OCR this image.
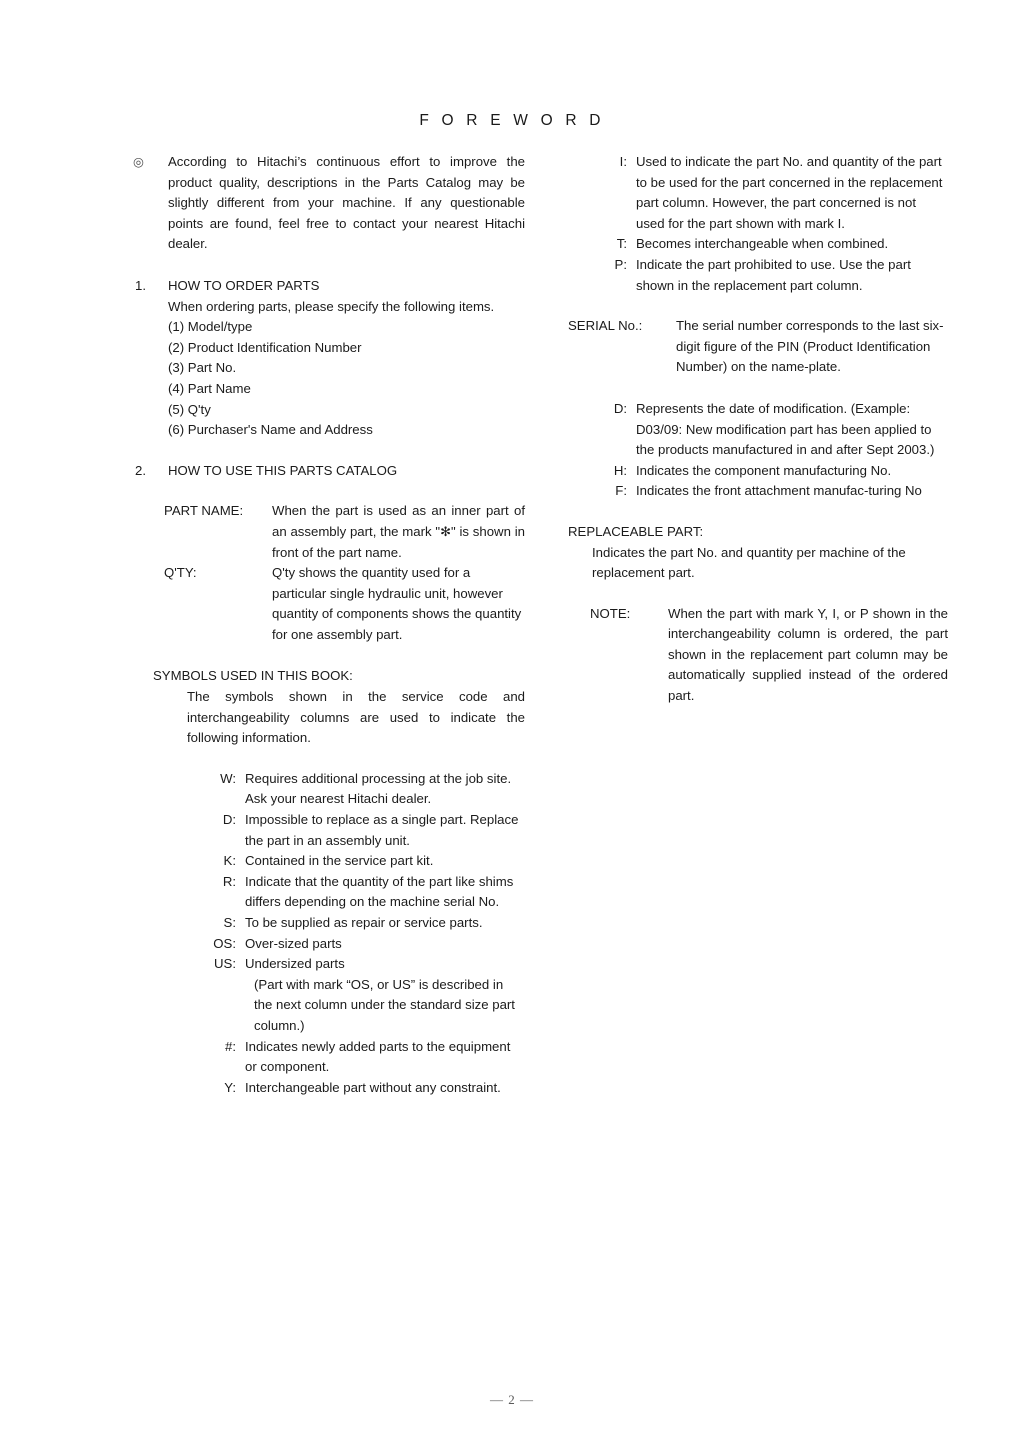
F O R E W O R D
◎ According to Hitachi’s continuous effort to improve the product quality, descriptions in the Parts Catalog may be slightly different from your machine. If any questionable points are found, feel free to contact your nearest Hitachi dealer.
1. HOW TO ORDER PARTS
When ordering parts, please specify the following items.
(1) Model/type
(2) Product Identification Number
(3) Part No.
(4) Part Name
(5) Q'ty
(6) Purchaser's Name and Address
2. HOW TO USE THIS PARTS CATALOG
PART NAME:	When the part is used as an inner part of an assembly part, the mark "✻" is shown in front of the part name.
Q'TY:	Q'ty shows the quantity used for a particular single hydraulic unit, however quantity of components shows the quantity for one assembly part.
SYMBOLS USED IN THIS BOOK:
The symbols shown in the service code and interchangeability columns are used to indicate the following information.
W: Requires additional processing at the job site. Ask your nearest Hitachi dealer.
D: Impossible to replace as a single part. Replace the part in an assembly unit.
K: Contained in the service part kit.
R: Indicate that the quantity of the part like shims differs depending on the machine serial No.
S: To be supplied as repair or service parts.
OS: Over-sized parts
US: Undersized parts
(Part with mark “OS, or US” is described in the next column under the standard size part column.)
#: Indicates newly added parts to the equipment or component.
Y: Interchangeable part without any constraint.
I: Used to indicate the part No. and quantity of the part to be used for the part concerned in the replacement part column. However, the part concerned is not used for the part shown with mark I.
T: Becomes interchangeable when combined.
P: Indicate the part prohibited to use. Use the part shown in the replacement part column.
SERIAL No.:	The serial number corresponds to the last six-digit figure of the PIN (Product Identification Number) on the name-plate.
D: Represents the date of modification. (Example: D03/09: New modification part has been applied to the products manufactured in and after Sept 2003.)
H: Indicates the component manufacturing No.
F: Indicates the front attachment manufac-turing No
REPLACEABLE PART:
Indicates the part No. and quantity per machine of the replacement part.
NOTE:	When the part with mark Y, I, or P shown in the interchangeability column is ordered, the part shown in the replacement part column may be automatically supplied instead of the ordered part.
— 2 —
